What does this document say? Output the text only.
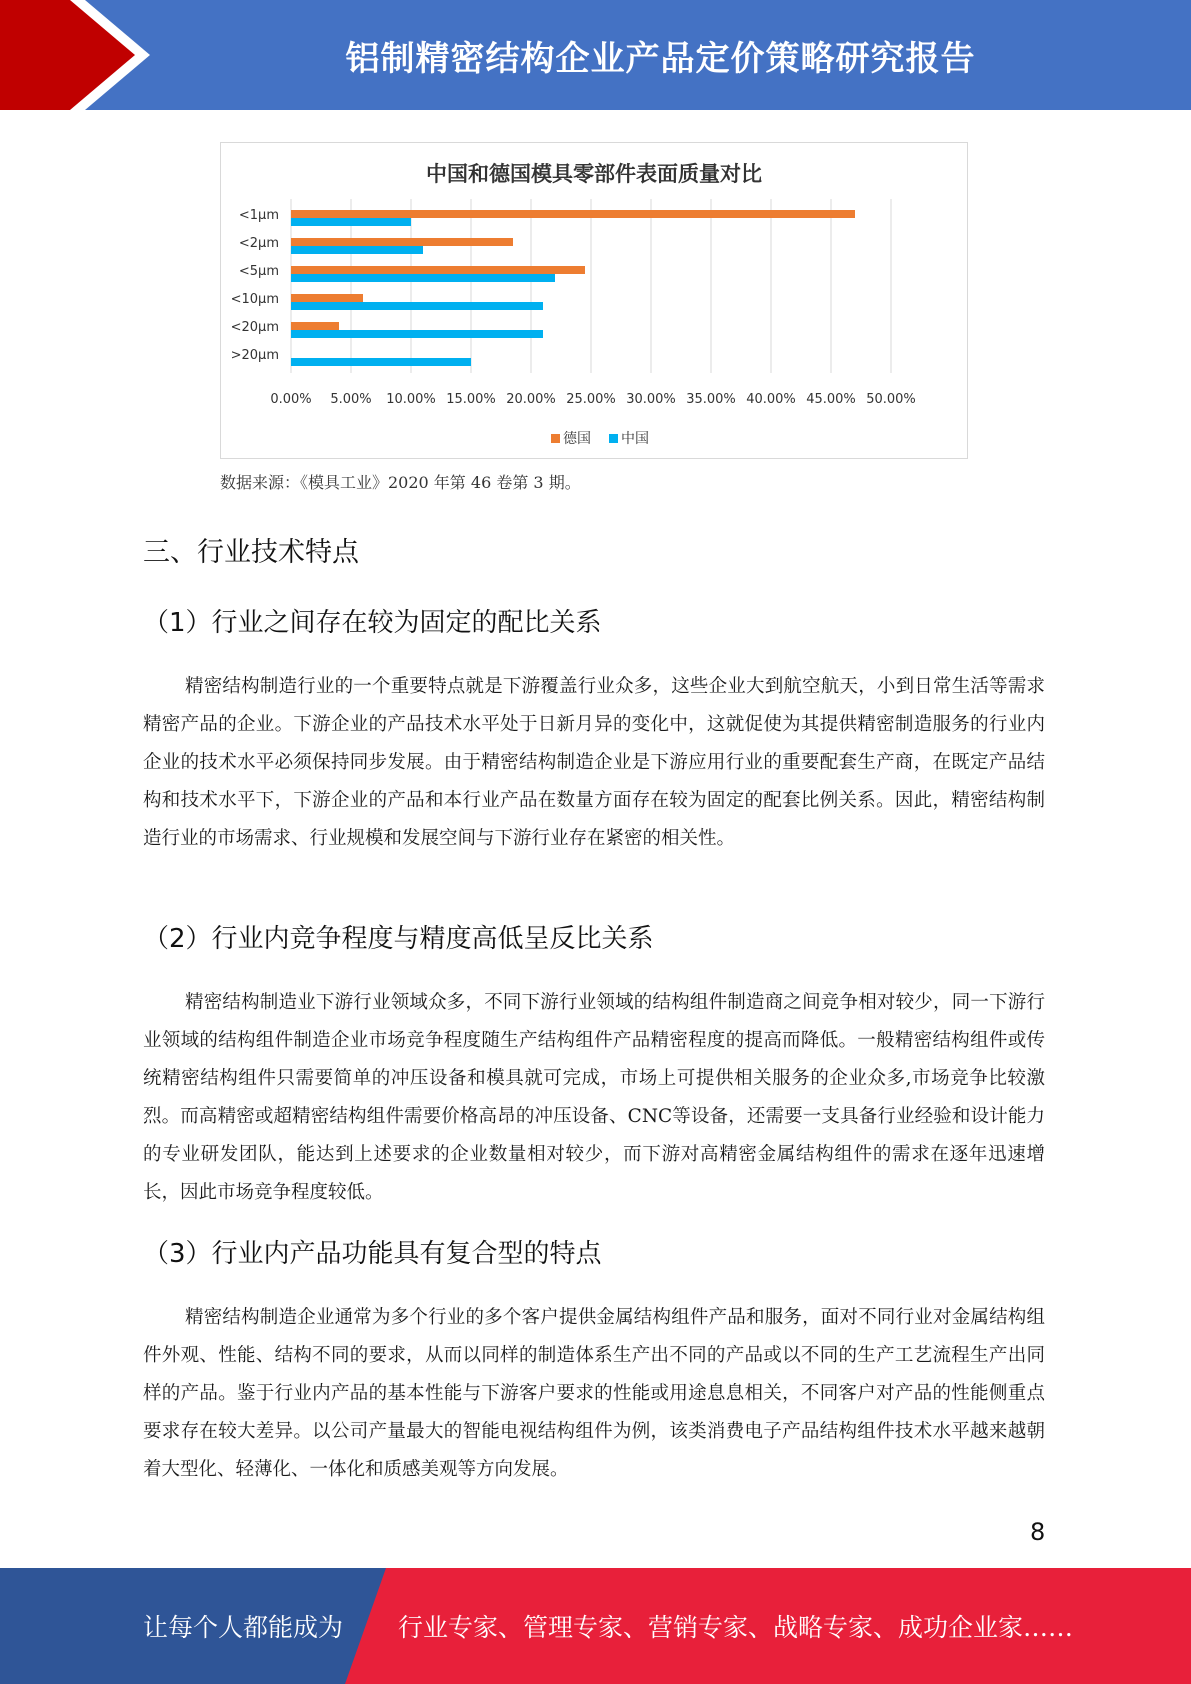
铝制精密结构企业产品定价策略研究报告
中国和德国模具零部件表面质量对比
<1μm
<2μm
<5μm
<10μm
<20μm
>20μm
0.00% 5.00% 10.00% 15.00% 20.00% 25.00% 30.00% 35.00% 40.00% 45.00% 50.00%
德国 中国
数据来源：《模具工业》2020 年第 46 卷第 3 期。
三、行业技术特点
（1）行业之间存在较为固定的配比关系

精密结构制造行业的一个重要特点就是下游覆盖行业众多，这些企业大到航空航天，小到日常生活等需求精密产品的企业。下游企业的产品技术水平处于日新月异的变化中，这就促使为其提供精密制造服务的行业内企业的技术水平必须保持同步发展。由于精密结构制造企业是下游应用行业的重要配套生产商，在既定产品结构和技术水平下，下游企业的产品和本行业产品在数量方面存在较为固定的配套比例关系。因此，精密结构制造行业的市场需求、行业规模和发展空间与下游行业存在紧密的相关性。

（2）行业内竞争程度与精度高低呈反比关系

精密结构制造业下游行业领域众多，不同下游行业领域的结构组件制造商之间竞争相对较少，同一下游行业领域的结构组件制造企业市场竞争程度随生产结构组件产品精密程度的提高而降低。一般精密结构组件或传统精密结构组件只需要简单的冲压设备和模具就可完成，市场上可提供相关服务的企业众多,市场竞争比较激烈。而高精密或超精密结构组件需要价格高昂的冲压设备、CNC等设备，还需要一支具备行业经验和设计能力的专业研发团队，能达到上述要求的企业数量相对较少，而下游对高精密金属结构组件的需求在逐年迅速增长，因此市场竞争程度较低。

（3）行业内产品功能具有复合型的特点

精密结构制造企业通常为多个行业的多个客户提供金属结构组件产品和服务，面对不同行业对金属结构组件外观、性能、结构不同的要求，从而以同样的制造体系生产出不同的产品或以不同的生产工艺流程生产出同样的产品。鉴于行业内产品的基本性能与下游客户要求的性能或用途息息相关，不同客户对产品的性能侧重点要求存在较大差异。以公司产量最大的智能电视结构组件为例，该类消费电子产品结构组件技术水平越来越朝着大型化、轻薄化、一体化和质感美观等方向发展。

8
让每个人都能成为 行业专家、管理专家、营销专家、战略专家、成功企业家……
